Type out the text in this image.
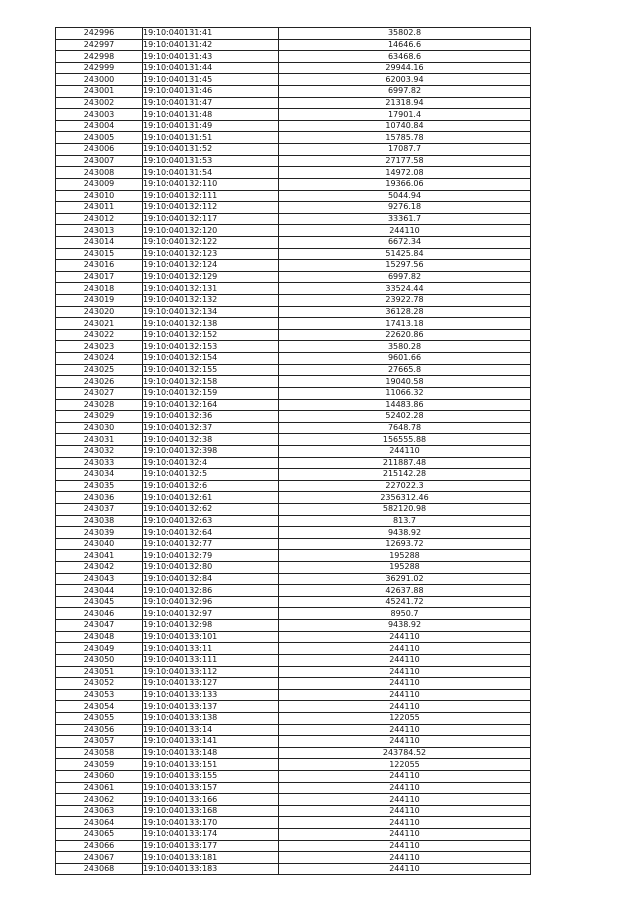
242996	19:10:040131:41	35802.8
242997	19:10:040131:42	14646.6
242998	19:10:040131:43	63468.6
242999	19:10:040131:44	29944.16
243000	19:10:040131:45	62003.94
243001	19:10:040131:46	6997.82
243002	19:10:040131:47	21318.94
243003	19:10:040131:48	17901.4
243004	19:10:040131:49	10740.84
243005	19:10:040131:51	15785.78
243006	19:10:040131:52	17087.7
243007	19:10:040131:53	27177.58
243008	19:10:040131:54	14972.08
243009	19:10:040132:110	19366.06
243010	19:10:040132:111	5044.94
243011	19:10:040132:112	9276.18
243012	19:10:040132:117	33361.7
243013	19:10:040132:120	244110
243014	19:10:040132:122	6672.34
243015	19:10:040132:123	51425.84
243016	19:10:040132:124	15297.56
243017	19:10:040132:129	6997.82
243018	19:10:040132:131	33524.44
243019	19:10:040132:132	23922.78
243020	19:10:040132:134	36128.28
243021	19:10:040132:138	17413.18
243022	19:10:040132:152	22620.86
243023	19:10:040132:153	3580.28
243024	19:10:040132:154	9601.66
243025	19:10:040132:155	27665.8
243026	19:10:040132:158	19040.58
243027	19:10:040132:159	11066.32
243028	19:10:040132:164	14483.86
243029	19:10:040132:36	52402.28
243030	19:10:040132:37	7648.78
243031	19:10:040132:38	156555.88
243032	19:10:040132:398	244110
243033	19:10:040132:4	211887.48
243034	19:10:040132:5	215142.28
243035	19:10:040132:6	227022.3
243036	19:10:040132:61	2356312.46
243037	19:10:040132:62	582120.98
243038	19:10:040132:63	813.7
243039	19:10:040132:64	9438.92
243040	19:10:040132:77	12693.72
243041	19:10:040132:79	195288
243042	19:10:040132:80	195288
243043	19:10:040132:84	36291.02
243044	19:10:040132:86	42637.88
243045	19:10:040132:96	45241.72
243046	19:10:040132:97	8950.7
243047	19:10:040132:98	9438.92
243048	19:10:040133:101	244110
243049	19:10:040133:11	244110
243050	19:10:040133:111	244110
243051	19:10:040133:112	244110
243052	19:10:040133:127	244110
243053	19:10:040133:133	244110
243054	19:10:040133:137	244110
243055	19:10:040133:138	122055
243056	19:10:040133:14	244110
243057	19:10:040133:141	244110
243058	19:10:040133:148	243784.52
243059	19:10:040133:151	122055
243060	19:10:040133:155	244110
243061	19:10:040133:157	244110
243062	19:10:040133:166	244110
243063	19:10:040133:168	244110
243064	19:10:040133:170	244110
243065	19:10:040133:174	244110
243066	19:10:040133:177	244110
243067	19:10:040133:181	244110
243068	19:10:040133:183	244110
